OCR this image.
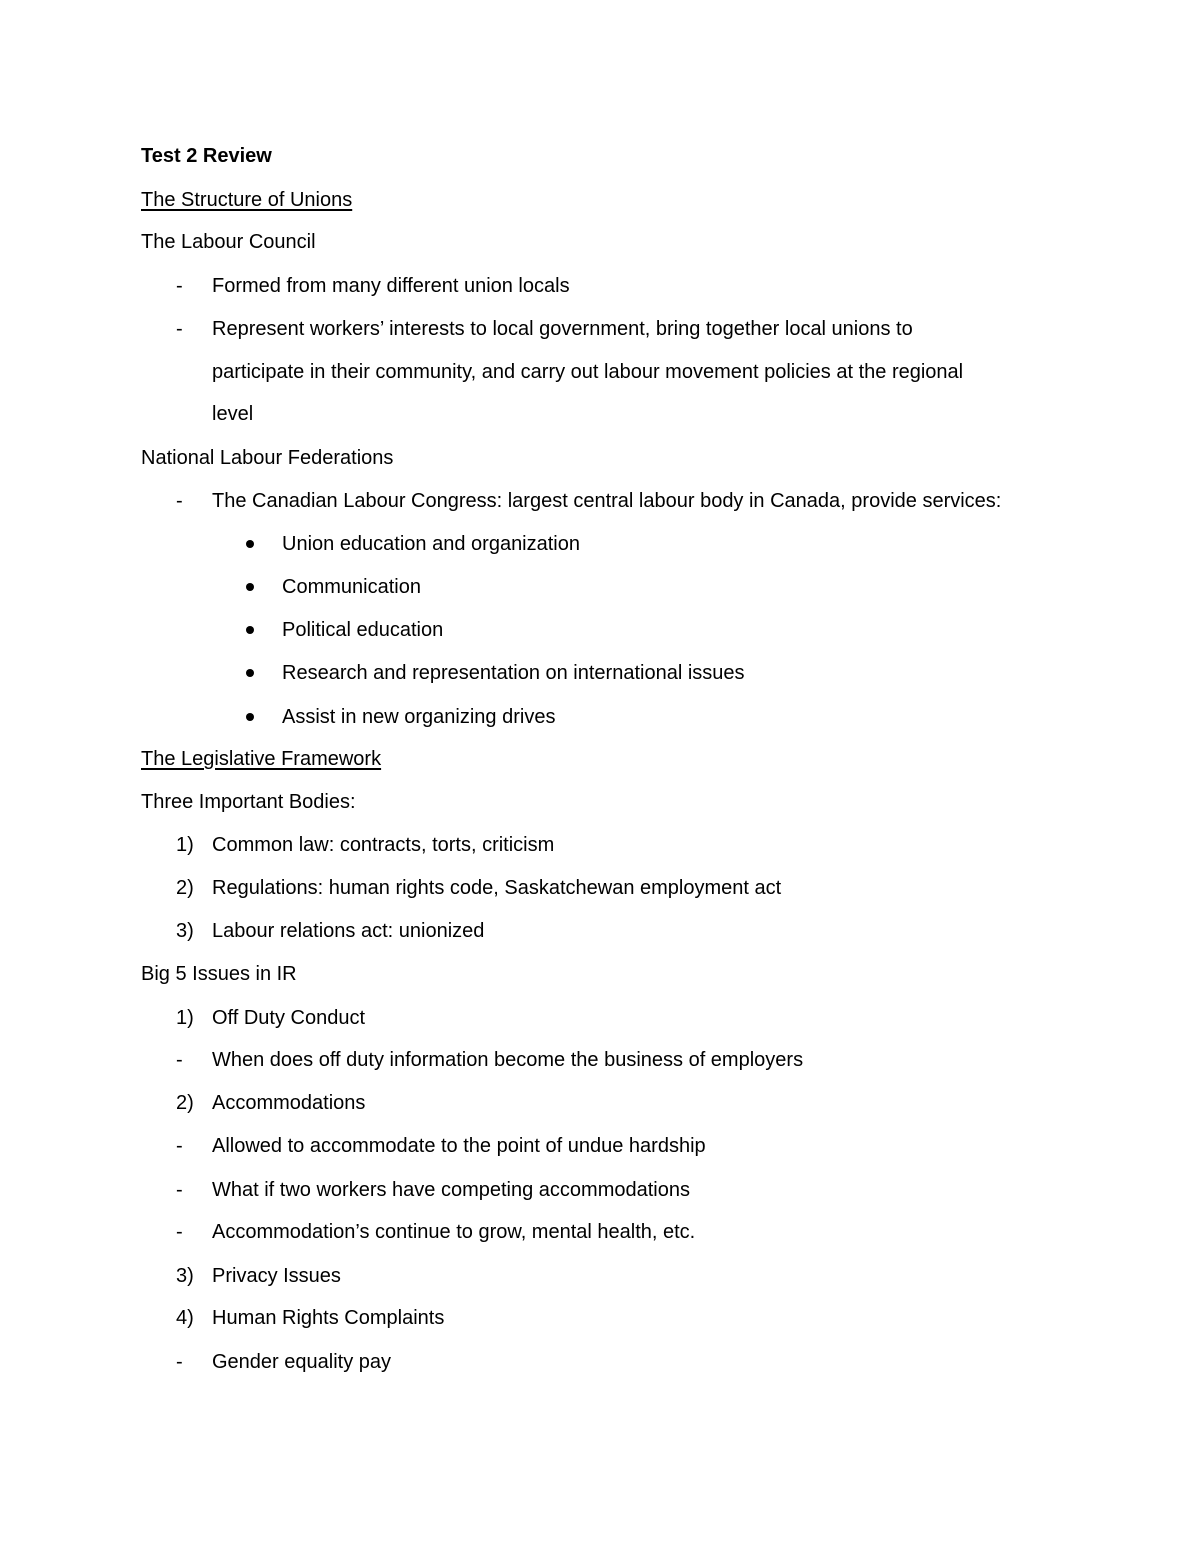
Test 2 Review
The Structure of Unions
The Labour Council
- Formed from many different union locals
- Represent workers’ interests to local government, bring together local unions to
participate in their community, and carry out labour movement policies at the regional
level
National Labour Federations
- The Canadian Labour Congress: largest central labour body in Canada, provide services:
Union education and organization
Communication
Political education
Research and representation on international issues
Assist in new organizing drives
The Legislative Framework
Three Important Bodies:
1) Common law: contracts, torts, criticism
2) Regulations: human rights code, Saskatchewan employment act
3) Labour relations act: unionized
Big 5 Issues in IR
1) Off Duty Conduct
- When does off duty information become the business of employers
2) Accommodations
- Allowed to accommodate to the point of undue hardship
- What if two workers have competing accommodations
- Accommodation’s continue to grow, mental health, etc.
3) Privacy Issues
4) Human Rights Complaints
- Gender equality pay
